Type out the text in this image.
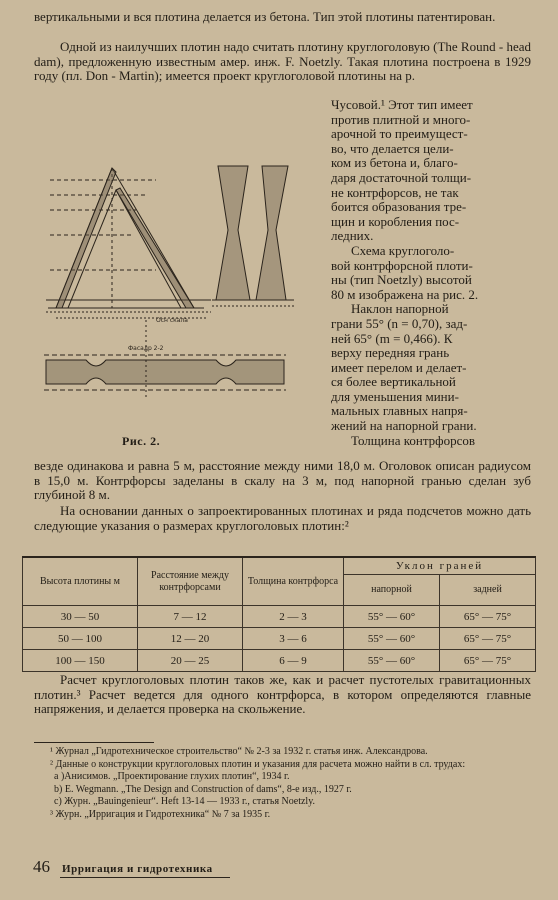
вертикальными и вся плотина делается из бетона. Тип этой плотины патентирован.

Одной из наилучших плотин надо считать плотину круглоголовую (The Round - head dam), предложенную известным амер. инж. F. Noetzly. Такая плотина построена в 1929 году (пл. Don - Martin); имеется проект круглоголовой плотины на р.

Осн скала
Фасадр 2-2
Рис. 2.
Чусовой.¹ Этот тип имеет
против плитной и много-
арочной то преимущест-
во, что делается цели-
ком из бетона и, благо-
даря достаточной толщи-
не контрфорсов, не так
боится образования тре-
щин и коробления пос-
ледних.
Схема круглоголо-
вой контрфорсной плоти-
ны (тип Noetzly) высотой
80 м изображена на рис. 2.
Наклон напорной
грани 55° (n = 0,70), зад-
ней 65° (m = 0,466). К
верху передняя грань
имеет перелом и делает-
ся более вертикальной
для уменьшения мини-
мальных главных напря-
жений на напорной грани.
Толщина контрфорсов

везде одинакова и равна 5 м, расстояние между ними 18,0 м. Оголовок описан радиусом в 15,0 м. Контрфорсы заделаны в скалу на 3 м, под напорной гранью сделан зуб глубиной 8 м.

На основании данных о запроектированных плотинах и ряда подсчетов можно дать следующие указания о размерах круглоголовых плотин:²

Высота плотины м	Расстояние между контрфорсами	Толщина контрфорса	Уклон граней	
			напорной	задней
30 — 50	7 — 12	2 — 3	55° — 60°	65° — 75°
50 — 100	12 — 20	3 — 6	55° — 60°	65° — 75°
100 — 150	20 — 25	6 — 9	55° — 60°	65° — 75°

Расчет круглоголовых плотин таков же, как и расчет пустотелых гравитационных плотин.³ Расчет ведется для одного контрфорса, в котором определяются главные напряжения, и делается проверка на скольжение.

¹ Журнал „Гидротехническое строительство“ № 2-3 за 1932 г. статья инж. Александрова.
² Данные о конструкции круглоголовых плотин и указания для расчета можно найти в сл. трудах:
a )Анисимов. „Проектирование глухих плотин“, 1934 г.
b) E. Wegmann. „The Design and Construction of dams“, 8-е изд., 1927 г.
c) Журн. „Bauingenieur“. Heft 13-14 — 1933 г., статья Noetzly.
³ Журн. „Ирригация и Гидротехника“ № 7 за 1935 г.
46 Ирригация и гидротехника
